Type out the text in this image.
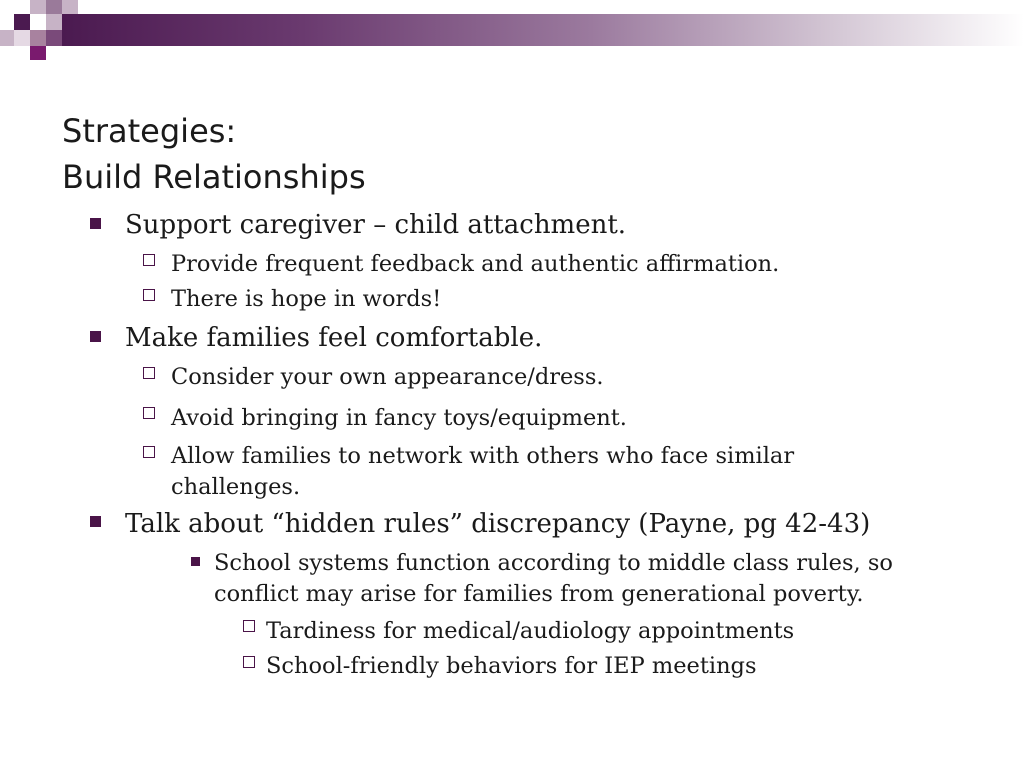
Strategies:
Build Relationships
Support caregiver – child attachment.
Provide frequent feedback and authentic affirmation.
There is hope in words!
Make families feel comfortable.
Consider your own appearance/dress.
Avoid bringing in fancy toys/equipment.
Allow families to network with others who face similar
challenges.
Talk about “hidden rules” discrepancy (Payne, pg 42-43)
School systems function according to middle class rules, so
conflict may arise for families from generational poverty.
Tardiness for medical/audiology appointments
School-friendly behaviors for IEP meetings
